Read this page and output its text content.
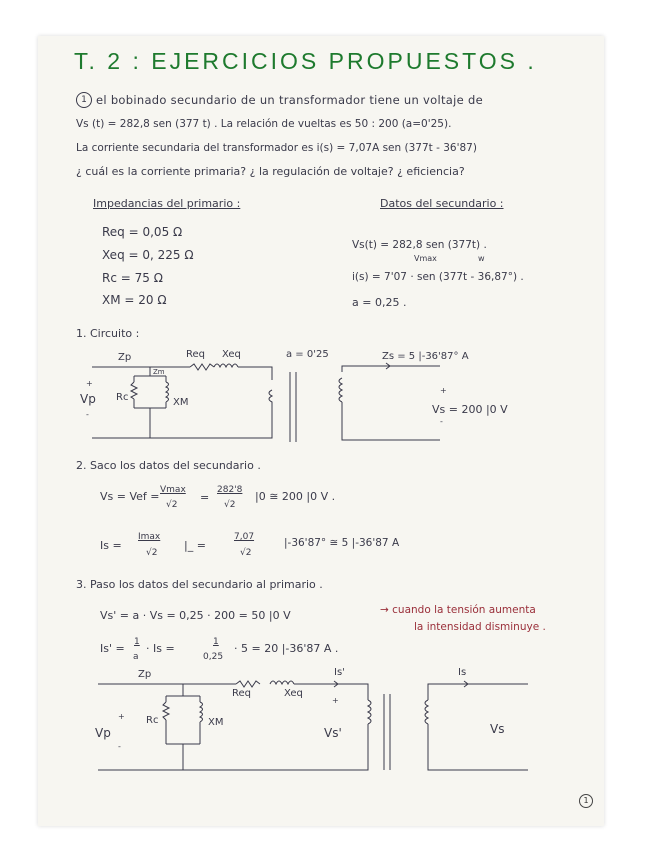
T. 2 : EJERCICIOS PROPUESTOS .
1 el bobinado secundario de un transformador tiene un voltaje de
Vs (t) = 282,8 sen (377 t) . La relación de vueltas es 50 : 200 (a=0'25).
La corriente secundaria del transformador es i(s) = 7,07A sen (377t - 36'87)
¿ cuál es la corriente primaria? ¿ la regulación de voltaje? ¿ eficiencia?
Impedancias del primario :
Req = 0,05 Ω
Xeq = 0, 225 Ω
Rc = 75 Ω
XM = 20 Ω
Datos del secundario :
Vs(t) = 282,8 sen (377t) .
Vmax	w
i(s) = 7'07 · sen (377t - 36,87°) .
a = 0,25 .
1. Circuito :
Zp	Req Xeq
Zm
Rc	XM
Vp
+
-
a = 0'25	Zs = 5 |-36'87° A
+
Vs = 200 |0 V
-
2. Saco los datos del secundario .
Vs = Vef = Vmax
√2
=
282'8
√2
|0 ≅ 200 |0 V .
Is =
Imax
√2
|_ =
7,07
√2
|-36'87° ≅ 5 |-36'87 A
3. Paso los datos del secundario al primario .
Vs' = a · Vs = 0,25 · 200 = 50 |0 V	→ cuando la tensión aumenta
la intensidad disminuye .
Is' = 1
a
· Is =	1
0,25
· 5 = 20 |-36'87 A .
Zp	Is'
Req	Xeq
Rc	XM
+
Vp
-
+
Vs'
Is
Vs
1
